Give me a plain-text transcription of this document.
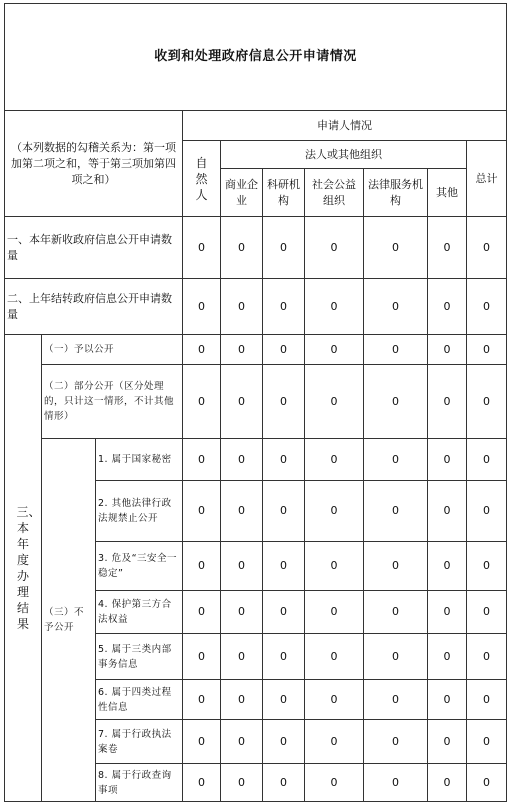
收到和处理政府信息公开申请情况									
（本列数据的勾稽关系为：第一项加第二项之和，等于第三项加第四项之和）			申请人情况						

			自然人	法人或其他组织					总计
				商业企业	科研机构	社会公益组织	法律服务机构	其他	
一、本年新收政府信息公开申请数量			0	0	0	0	0	0	0
二、上年结转政府信息公开申请数量			0	0	0	0	0	0	0

三、本年度办理结果	（一）予以公开		0	0	0	0	0	0	0
	（二）部分公开（区分处理的，只计这一情形，不计其他情形）		0	0	0	0	0	0	0
	（三）不予公开	1. 属于国家秘密	0	0	0	0	0	0	0
		2. 其他法律行政法规禁止公开	0	0	0	0	0	0	0
		3. 危及“三安全一稳定”	0	0	0	0	0	0	0
		4. 保护第三方合法权益	0	0	0	0	0	0	0
		5. 属于三类内部事务信息	0	0	0	0	0	0	0
		6. 属于四类过程性信息	0	0	0	0	0	0	0
		7. 属于行政执法案卷	0	0	0	0	0	0	0
		8. 属于行政查询事项	0	0	0	0	0	0	0
